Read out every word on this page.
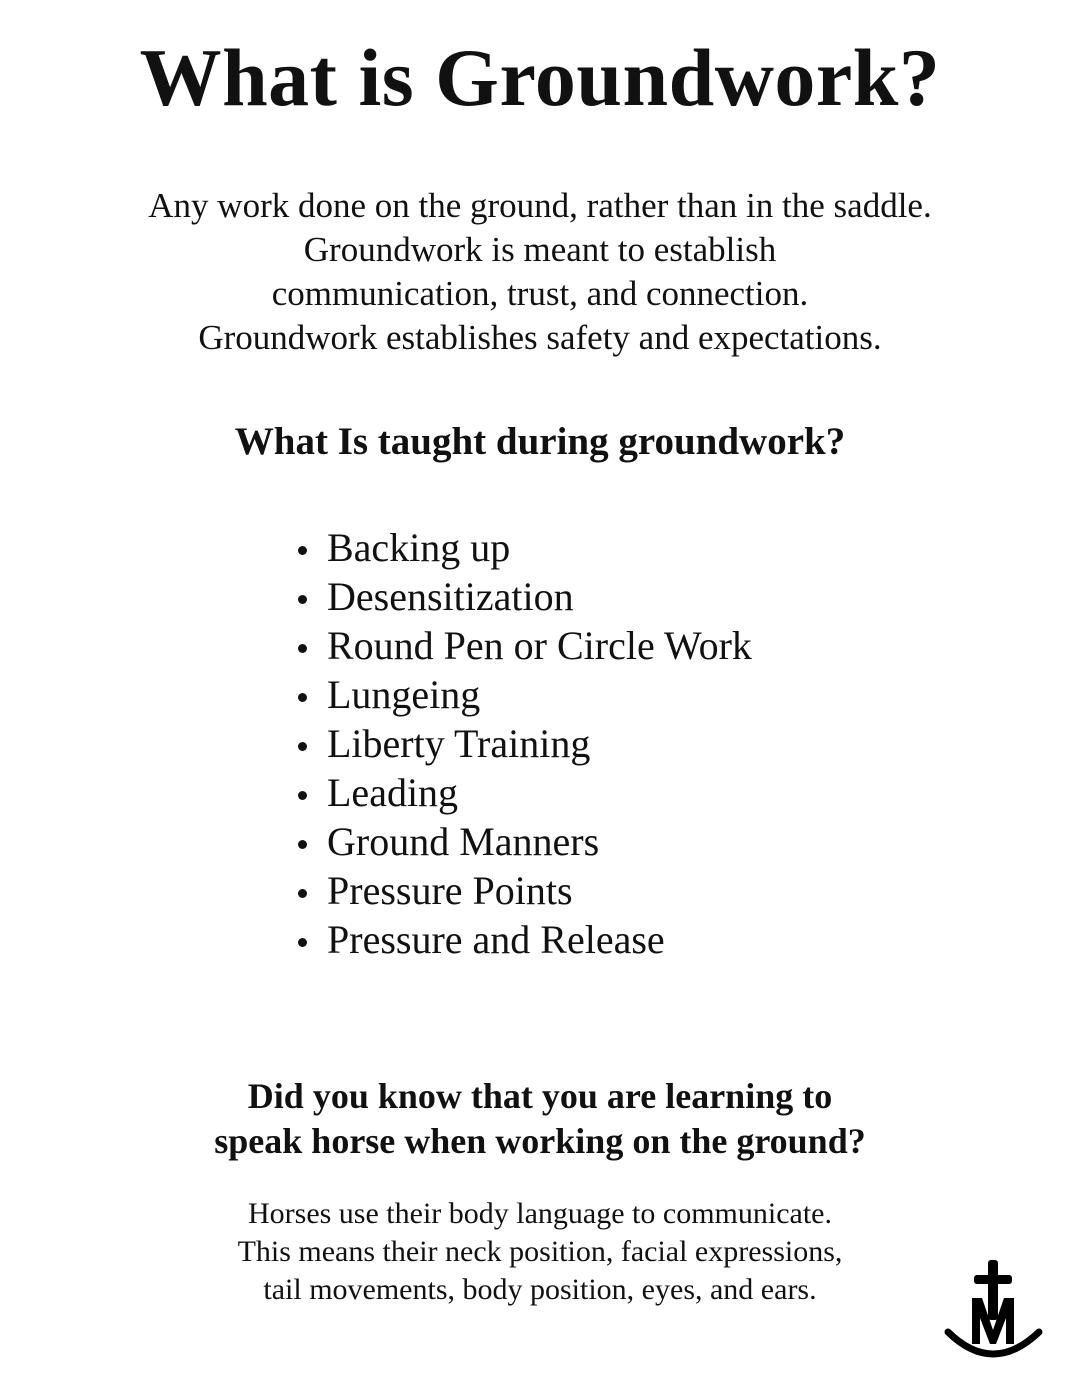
What is Groundwork?
Any work done on the ground, rather than in the saddle.
Groundwork is meant to establish
communication, trust, and connection.
Groundwork establishes safety and expectations.
What Is taught during groundwork?
Backing up
Desensitization
Round Pen or Circle Work
Lungeing
Liberty Training
Leading
Ground Manners
Pressure Points
Pressure and Release
Did you know that you are learning to
speak horse when working on the ground?
Horses use their body language to communicate.
This means their neck position, facial expressions,
tail movements, body position, eyes, and ears.
